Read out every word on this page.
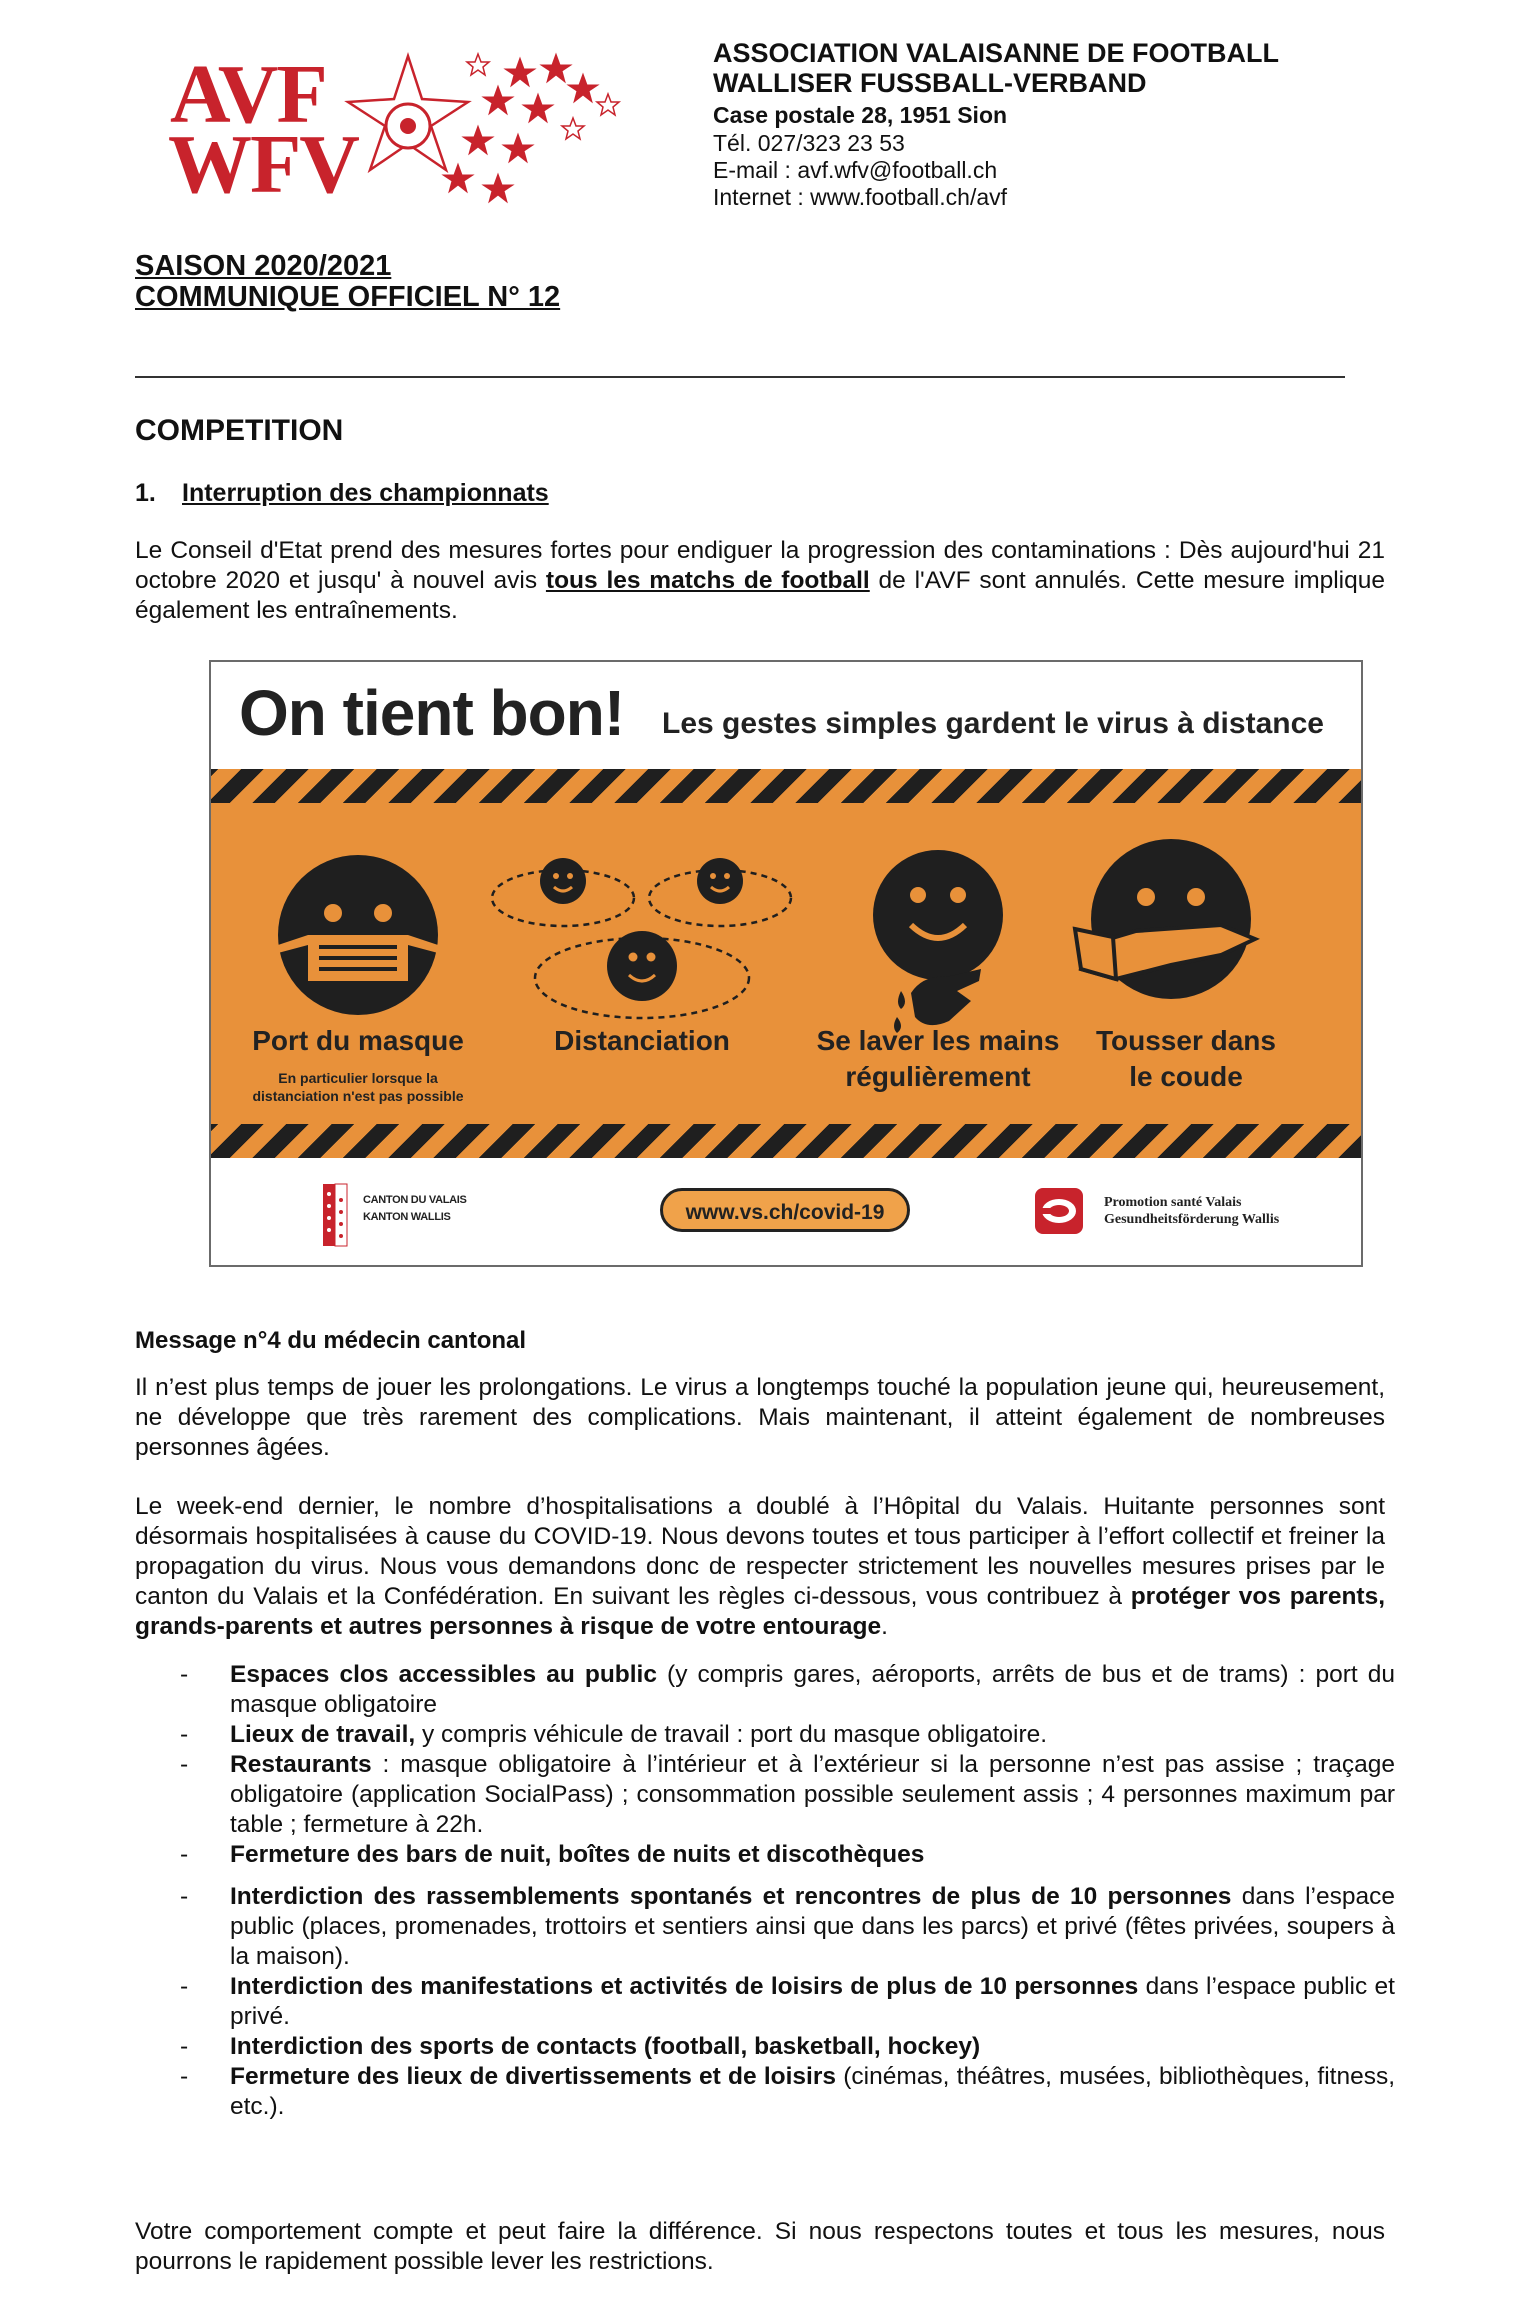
AVF
WFV
ASSOCIATION VALAISANNE DE FOOTBALL
WALLISER FUSSBALL-VERBAND
Case postale 28, 1951 Sion
Tél. 027/323 23 53
E-mail : avf.wfv@football.ch
Internet : www.football.ch/avf
SAISON 2020/2021
COMMUNIQUE OFFICIEL N° 12
COMPETITION
1. Interruption des championnats
Le Conseil d'Etat prend des mesures fortes pour endiguer la progression des contaminations : Dès aujourd'hui 21 octobre 2020 et jusqu' à nouvel avis tous les matchs de football de l'AVF sont annulés. Cette mesure implique également les entraînements.
On tient bon! Les gestes simples gardent le virus à distance
Port du masque
En particulier lorsque la
distanciation n'est pas possible
Distanciation	Se laver les mains
régulièrement
Tousser dans
le coude
CANTON DU VALAIS
KANTON WALLIS	www.vs.ch/covid-19	Promotion santé Valais
Gesundheitsförderung Wallis
Message n°4 du médecin cantonal
Il n’est plus temps de jouer les prolongations. Le virus a longtemps touché la population jeune qui, heureusement, ne développe que très rarement des complications. Mais maintenant, il atteint également de nombreuses personnes âgées.
Le week-end dernier, le nombre d’hospitalisations a doublé à l’Hôpital du Valais. Huitante personnes sont désormais hospitalisées à cause du COVID-19. Nous devons toutes et tous participer à l’effort collectif et freiner la propagation du virus. Nous vous demandons donc de respecter strictement les nouvelles mesures prises par le canton du Valais et la Confédération. En suivant les règles ci-dessous, vous contribuez à protéger vos parents, grands-parents et autres personnes à risque de votre entourage.
- Espaces clos accessibles au public (y compris gares, aéroports, arrêts de bus et de trams) : port du masque obligatoire
- Lieux de travail, y compris véhicule de travail : port du masque obligatoire.
- Restaurants : masque obligatoire à l’intérieur et à l’extérieur si la personne n’est pas assise ; traçage obligatoire (application SocialPass) ; consommation possible seulement assis ; 4 personnes maximum par table ; fermeture à 22h.
- Fermeture des bars de nuit, boîtes de nuits et discothèques
- Interdiction des rassemblements spontanés et rencontres de plus de 10 personnes dans l’espace public (places, promenades, trottoirs et sentiers ainsi que dans les parcs) et privé (fêtes privées, soupers à la maison).
- Interdiction des manifestations et activités de loisirs de plus de 10 personnes dans l’espace public et privé.
- Interdiction des sports de contacts (football, basketball, hockey)
- Fermeture des lieux de divertissements et de loisirs (cinémas, théâtres, musées, bibliothèques, fitness, etc.).
Votre comportement compte et peut faire la différence. Si nous respectons toutes et tous les mesures, nous pourrons le rapidement possible lever les restrictions.
